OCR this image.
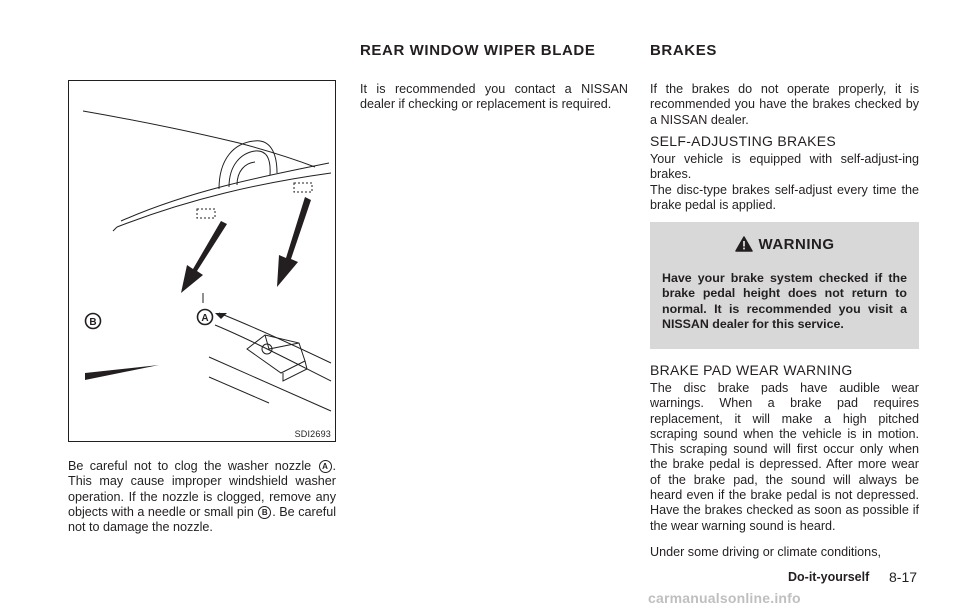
B	A
SDI2693
Be careful not to clog the washer nozzle A . This may cause improper windshield washer operation. If the nozzle is clogged, remove any objects with a needle or small pin B . Be careful not to damage the nozzle.
REAR WINDOW WIPER BLADE
It is recommended you contact a NISSAN dealer if checking or replacement is required.
BRAKES
If the brakes do not operate properly, it is recommended you have the brakes checked by a NISSAN dealer.
SELF-ADJUSTING BRAKES
Your vehicle is equipped with self-adjust-ing brakes.
The disc-type brakes self-adjust every time the brake pedal is applied.
WARNING
Have your brake system checked if the brake pedal height does not return to normal. It is recommended you visit a NISSAN dealer for this service.
BRAKE PAD WEAR WARNING
The disc brake pads have audible wear warnings. When a brake pad requires replacement, it will make a high pitched scraping sound when the vehicle is in motion. This scraping sound will first occur only when the brake pedal is depressed. After more wear of the brake pad, the sound will always be heard even if the brake pedal is not depressed. Have the brakes checked as soon as possible if the wear warning sound is heard.
Under some driving or climate conditions,
Do-it-yourself 8-17
carmanualsonline.info
